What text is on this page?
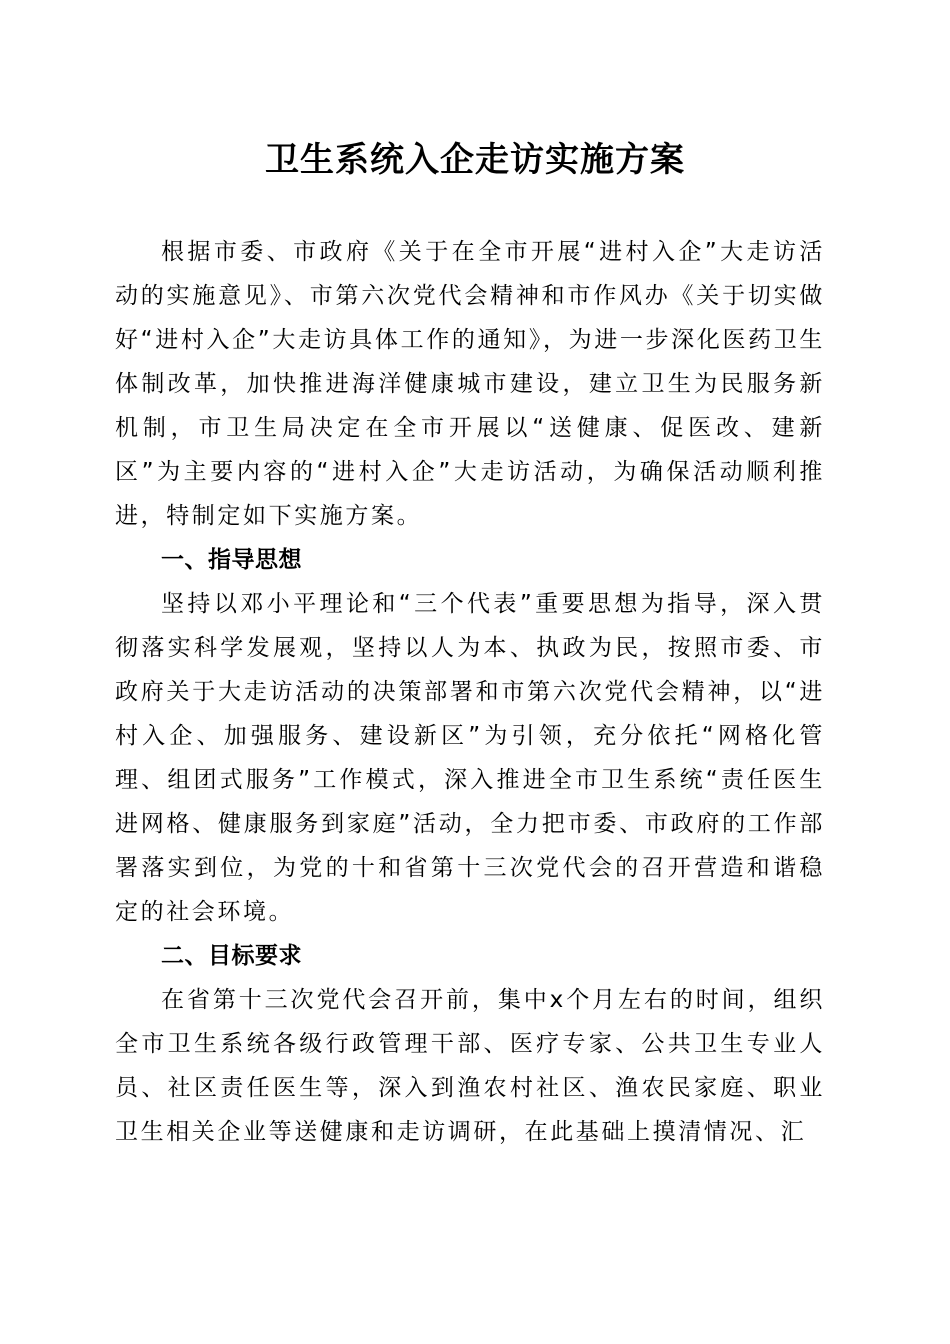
卫生系统入企走访实施方案

根据市委、市政府《关于在全市开展“进村入企”大走访活动的实施意见》、市第六次党代会精神和市作风办《关于切实做好“进村入企”大走访具体工作的通知》，为进一步深化医药卫生体制改革，加快推进海洋健康城市建设，建立卫生为民服务新机制，市卫生局决定在全市开展以“送健康、促医改、建新区”为主要内容的“进村入企”大走访活动，为确保活动顺利推进，特制定如下实施方案。

一、指导思想

坚持以邓小平理论和“三个代表”重要思想为指导，深入贯彻落实科学发展观，坚持以人为本、执政为民，按照市委、市政府关于大走访活动的决策部署和市第六次党代会精神，以“进村入企、加强服务、建设新区”为引领，充分依托“网格化管理、组团式服务”工作模式，深入推进全市卫生系统“责任医生进网格、健康服务到家庭”活动，全力把市委、市政府的工作部署落实到位，为党的十和省第十三次党代会的召开营造和谐稳定的社会环境。

二、目标要求

在省第十三次党代会召开前，集中x个月左右的时间，组织全市卫生系统各级行政管理干部、医疗专家、公共卫生专业人员、社区责任医生等，深入到渔农村社区、渔农民家庭、职业卫生相关企业等送健康和走访调研，在此基础上摸清情况、汇
